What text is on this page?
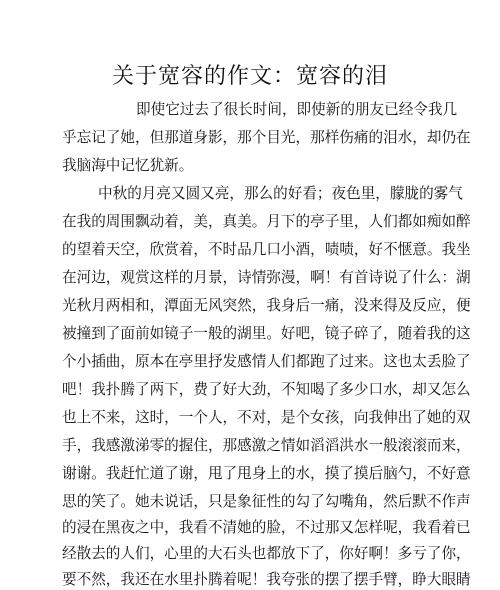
关于宽容的作文：宽容的泪

即使它过去了很长时间，即使新的朋友已经令我几

乎忘记了她，但那道身影，那个目光，那样伤痛的泪水，却仍在

我脑海中记忆犹新。

中秋的月亮又圆又亮，那么的好看；夜色里，朦胧的雾气

在我的周围飘动着，美，真美。月下的亭子里，人们都如痴如醉

的望着天空，欣赏着，不时品几口小酒，啧啧，好不惬意。我坐

在河边，观赏这样的月景，诗情弥漫，啊！有首诗说了什么：湖

光秋月两相和，潭面无风突然，我身后一痛，没来得及反应，便

被撞到了面前如镜子一般的湖里。好吧，镜子碎了，随着我的这

个小插曲，原本在亭里抒发感情人们都跑了过来。这也太丢脸了

吧！我扑腾了两下，费了好大劲，不知喝了多少口水，却又怎么

也上不来，这时，一个人，不对，是个女孩，向我伸出了她的双

手，我感激涕零的握住，那感激之情如滔滔洪水一般滚滚而来，

谢谢。我赶忙道了谢，甩了甩身上的水，摸了摸后脑勺，不好意

思的笑了。她未说话，只是象征性的勾了勾嘴角，然后默不作声

的浸在黑夜之中，我看不清她的脸，不过那又怎样呢，我看着已

经散去的人们，心里的大石头也都放下了，你好啊！多亏了你，

要不然，我还在水里扑腾着呢！我夸张的摆了摆手臂，睁大眼睛
